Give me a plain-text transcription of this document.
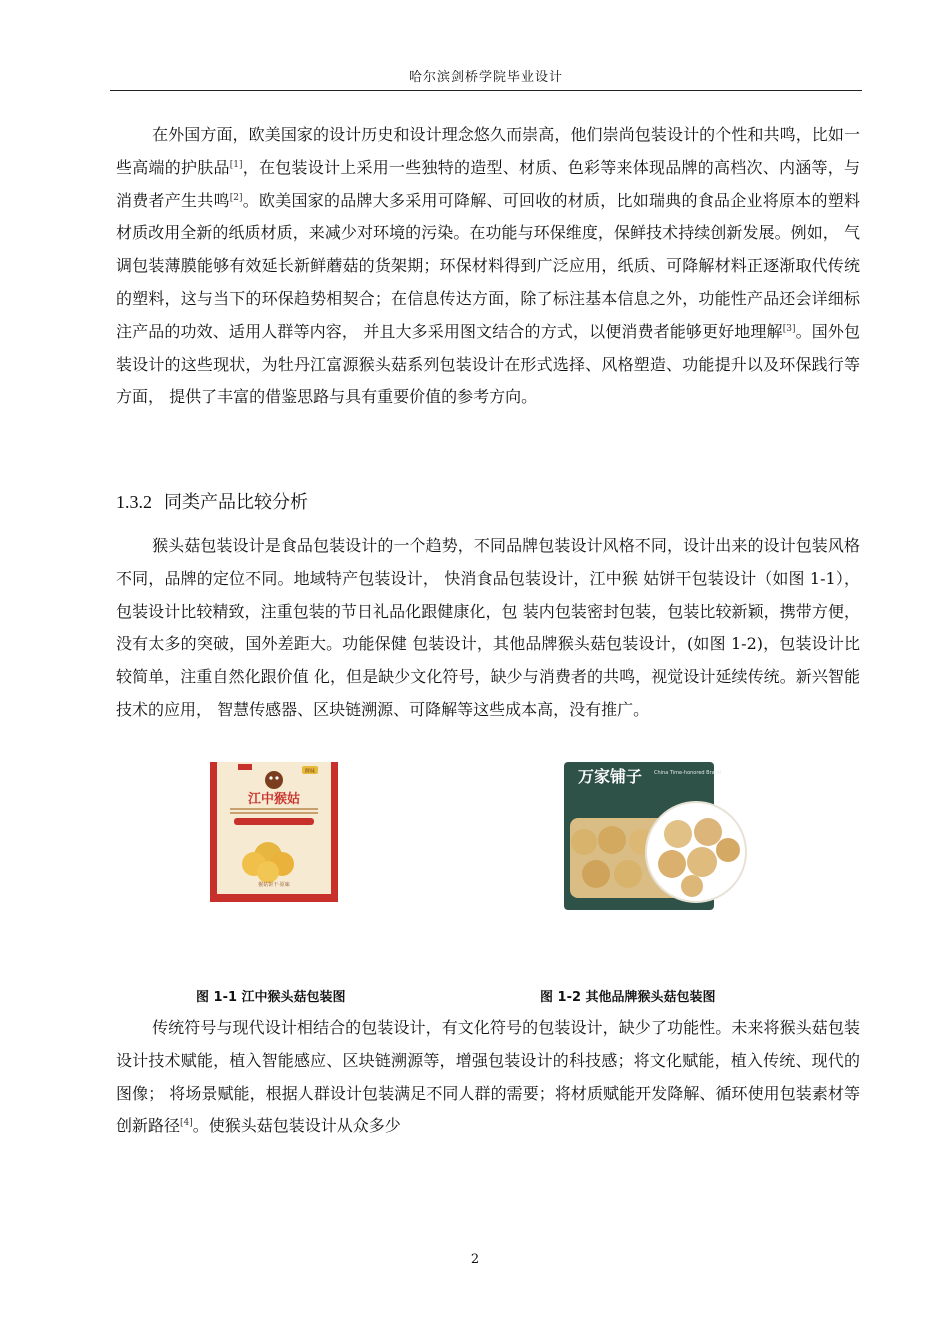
哈尔滨剑桥学院毕业设计

在外国方面，欧美国家的设计历史和设计理念悠久而崇高，他们崇尚包装设计的个性和共鸣，比如一些高端的护肤品[1]，在包装设计上采用一些独特的造型、材质、色彩等来体现品牌的高档次、内涵等，与消费者产生共鸣[2]。欧美国家的品牌大多采用可降解、可回收的材质，比如瑞典的食品企业将原本的塑料材质改用全新的纸质材质，来减少对环境的污染。在功能与环保维度，保鲜技术持续创新发展。例如， 气调包装薄膜能够有效延长新鲜蘑菇的货架期；环保材料得到广泛应用，纸质、可降解材料正逐渐取代传统的塑料，这与当下的环保趋势相契合；在信息传达方面，除了标注基本信息之外，功能性产品还会详细标注产品的功效、适用人群等内容， 并且大多采用图文结合的方式，以便消费者能够更好地理解[3]。国外包装设计的这些现状，为牡丹江富源猴头菇系列包装设计在形式选择、风格塑造、功能提升以及环保践行等方面， 提供了丰富的借鉴思路与具有重要价值的参考方向。

1.3.2 同类产品比较分析

猴头菇包装设计是食品包装设计的一个趋势，不同品牌包装设计风格不同，设计出来的设计包装风格不同，品牌的定位不同。地域特产包装设计， 快消食品包装设计，江中猴 姑饼干包装设计（如图 1-1），包装设计比较精致，注重包装的节日礼品化跟健康化，包 装内包装密封包装，包装比较新颖，携带方便，没有太多的突破，国外差距大。功能保健 包装设计，其他品牌猴头菇包装设计，(如图 1-2)，包装设计比较简单，注重自然化跟价值 化，但是缺少文化符号，缺少与消费者的共鸣，视觉设计延续传统。新兴智能技术的应用， 智慧传感器、区块链溯源、可降解等这些成本高，没有推广。

鲜味
江中猴姑
猴姑饼干·原味
China Time-honored Brand
万家铺子
图 1-1 江中猴头菇包装图	图 1-2 其他品牌猴头菇包装图

传统符号与现代设计相结合的包装设计，有文化符号的包装设计，缺少了功能性。未来将猴头菇包装设计技术赋能，植入智能感应、区块链溯源等，增强包装设计的科技感；将文化赋能，植入传统、现代的图像； 将场景赋能，根据人群设计包装满足不同人群的需要；将材质赋能开发降解、循环使用包装素材等创新路径[4]。使猴头菇包装设计从众多少

2
